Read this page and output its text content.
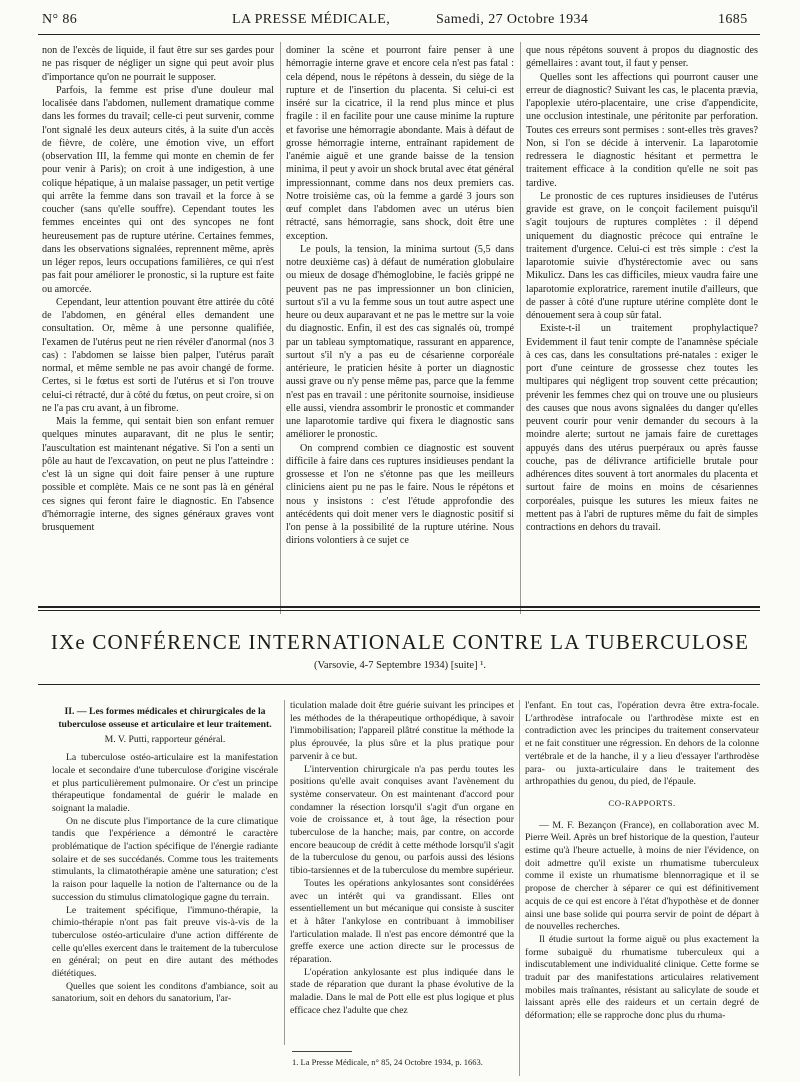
N° 86	LA PRESSE MÉDICALE,	Samedi, 27 Octobre 1934	1685

non de l'excès de liquide, il faut être sur ses gardes pour ne pas risquer de négliger un signe qui peut avoir plus d'importance qu'on ne pourrait le supposer.

Parfois, la femme est prise d'une douleur mal localisée dans l'abdomen, nullement dramatique comme dans les formes du travail; celle-ci peut survenir, comme l'ont signalé les deux auteurs cités, à la suite d'un accès de fièvre, de colère, une émotion vive, un effort (observation III, la femme qui monte en chemin de fer pour venir à Paris); on croit à une indigestion, à une colique hépatique, à un malaise passager, un petit vertige qui arrête la femme dans son travail et la force à se coucher (sans qu'elle souffre). Cependant toutes les femmes enceintes qui ont des syncopes ne font heureusement pas de rupture utérine. Certaines femmes, dans les observations signalées, reprennent même, après un léger repos, leurs occupations familières, ce qui n'est pas fait pour améliorer le pronostic, si la rupture est faite ou amorcée.

Cependant, leur attention pouvant être attirée du côté de l'abdomen, en général elles demandent une consultation. Or, même à une personne qualifiée, l'examen de l'utérus peut ne rien révéler d'anormal (nos 3 cas) : l'abdomen se laisse bien palper, l'utérus paraît normal, et même semble ne pas avoir changé de forme. Certes, si le fœtus est sorti de l'utérus et si l'on trouve celui-ci rétracté, dur à côté du fœtus, on peut croire, si on ne l'a pas cru avant, à un fibrome.

Mais la femme, qui sentait bien son enfant remuer quelques minutes auparavant, dit ne plus le sentir; l'auscultation est maintenant négative. Si l'on a senti un pôle au haut de l'excavation, on peut ne plus l'atteindre : c'est là un signe qui doit faire penser à une rupture possible et complète. Mais ce ne sont pas là en général ces signes qui feront faire le diagnostic. En l'absence d'hémorragie interne, des signes généraux graves vont brusquement

dominer la scène et pourront faire penser à une hémorragie interne grave et encore cela n'est pas fatal : cela dépend, nous le répétons à dessein, du siège de la rupture et de l'insertion du placenta. Si celui-ci est inséré sur la cicatrice, il la rend plus mince et plus fragile : il en facilite pour une cause minime la rupture et favorise une hémorragie abondante. Mais à défaut de grosse hémorragie interne, entraînant rapidement de l'anémie aiguë et une grande baisse de la tension minima, il peut y avoir un shock brutal avec état général impressionnant, comme dans nos deux premiers cas. Notre troisième cas, où la femme a gardé 3 jours son œuf complet dans l'abdomen avec un utérus bien rétracté, sans hémorragie, sans shock, doit être une exception.

Le pouls, la tension, la minima surtout (5,5 dans notre deuxième cas) à défaut de numération globulaire ou mieux de dosage d'hémoglobine, le faciès grippé ne peuvent pas ne pas impressionner un bon clinicien, surtout s'il a vu la femme sous un tout autre aspect une heure ou deux auparavant et ne pas le mettre sur la voie du diagnostic. Enfin, il est des cas signalés où, trompé par un tableau symptomatique, rassurant en apparence, surtout s'il n'y a pas eu de césarienne corporéale antérieure, le praticien hésite à porter un diagnostic aussi grave ou n'y pense même pas, parce que la femme n'est pas en travail : une péritonite sournoise, insidieuse elle aussi, viendra assombrir le pronostic et commander une laparotomie tardive qui fixera le diagnostic sans améliorer le pronostic.

On comprend combien ce diagnostic est souvent difficile à faire dans ces ruptures insidieuses pendant la grossesse et l'on ne s'étonne pas que les meilleurs cliniciens aient pu ne pas le faire. Nous le répétons et nous y insistons : c'est l'étude approfondie des antécédents qui doit mener vers le diagnostic positif si l'on pense à la possibilité de la rupture utérine. Nous dirions volontiers à ce sujet ce

que nous répétons souvent à propos du diagnostic des gémellaires : avant tout, il faut y penser.

Quelles sont les affections qui pourront causer une erreur de diagnostic? Suivant les cas, le placenta prævia, l'apoplexie utéro-placentaire, une crise d'appendicite, une occlusion intestinale, une péritonite par perforation. Toutes ces erreurs sont permises : sont-elles très graves? Non, si l'on se décide à intervenir. La laparotomie redressera le diagnostic hésitant et permettra le traitement efficace à la condition qu'elle ne soit pas tardive.

Le pronostic de ces ruptures insidieuses de l'utérus gravide est grave, on le conçoit facilement puisqu'il s'agit toujours de ruptures complètes : il dépend uniquement du diagnostic précoce qui entraîne le traitement d'urgence. Celui-ci est très simple : c'est la laparotomie suivie d'hystérectomie avec ou sans Mikulicz. Dans les cas difficiles, mieux vaudra faire une laparotomie exploratrice, rarement inutile d'ailleurs, que de passer à côté d'une rupture utérine complète dont le dénouement sera à coup sûr fatal.

Existe-t-il un traitement prophylactique? Evidemment il faut tenir compte de l'anamnèse spéciale à ces cas, dans les consultations pré-natales : exiger le port d'une ceinture de grossesse chez toutes les multipares qui négligent trop souvent cette précaution; prévenir les femmes chez qui on trouve une ou plusieurs des causes que nous avons signalées du danger qu'elles peuvent courir pour venir demander du secours à la moindre alerte; surtout ne jamais faire de curettages appuyés dans des utérus puerpéraux ou après fausse couche, pas de délivrance artificielle brutale pour adhérences dites souvent à tort anormales du placenta et surtout faire de moins en moins de césariennes corporéales, puisque les sutures les mieux faites ne mettent pas à l'abri de ruptures même du fait de simples contractions en dehors du travail.

IXe CONFÉRENCE INTERNATIONALE CONTRE LA TUBERCULOSE
(Varsovie, 4-7 Septembre 1934) [suite] ¹.

II. — Les formes médicales et chirurgicales de la tuberculose osseuse et articulaire et leur traitement.

M. V. Putti, rapporteur général.

La tuberculose ostéo-articulaire est la manifestation locale et secondaire d'une tuberculose d'origine viscérale et plus particulièrement pulmonaire. Or c'est un principe thérapeutique fondamental de guérir le malade en soignant la maladie.

On ne discute plus l'importance de la cure climatique tandis que l'expérience a démontré le caractère problématique de l'action spécifique de l'énergie radiante solaire et de ses succédanés. Comme tous les traitements stimulants, la climatothérapie amène une saturation; c'est la raison pour laquelle la notion de l'alternance ou de la succession du stimulus climatologique gagne du terrain.

Le traitement spécifique, l'immuno-thérapie, la chimio-thérapie n'ont pas fait preuve vis-à-vis de la tuberculose ostéo-articulaire d'une action différente de celle qu'elles exercent dans le traitement de la tuberculose en général; on peut en dire autant des méthodes diététiques.

Quelles que soient les conditons d'ambiance, soit au sanatorium, soit en dehors du sanatorium, l'ar-

ticulation malade doit être guérie suivant les principes et les méthodes de la thérapeutique orthopédique, à savoir l'immobilisation; l'appareil plâtré constitue la méthode la plus éprouvée, la plus sûre et la plus pratique pour parvenir à ce but.

L'intervention chirurgicale n'a pas perdu toutes les positions qu'elle avait conquises avant l'avènement du système conservateur. On est maintenant d'accord pour condamner la résection lorsqu'il s'agit d'un organe en voie de croissance et, à tout âge, la résection pour tuberculose de la hanche; mais, par contre, on accorde encore beaucoup de crédit à cette méthode lorsqu'il s'agit de la tuberculose du genou, ou parfois aussi des lésions tibio-tarsiennes et de la tuberculose du membre supérieur.

Toutes les opérations ankylosantes sont considérées avec un intérêt qui va grandissant. Elles ont essentiellement un but mécanique qui consiste à susciter et à hâter l'ankylose en contribuant à immobiliser l'articulation malade. Il n'est pas encore démontré que la greffe exerce une action directe sur le processus de réparation.

L'opération ankylosante est plus indiquée dans le stade de réparation que durant la phase évolutive de la maladie. Dans le mal de Pott elle est plus logique et plus efficace chez l'adulte que chez

l'enfant. En tout cas, l'opération devra être extra-focale. L'arthrodèse intrafocale ou l'arthrodèse mixte est en contradiction avec les principes du traitement conservateur et ne fait constituer une régression. En dehors de la colonne vertébrale et de la hanche, il y a lieu d'essayer l'arthrodèse para- ou juxta-articulaire dans le traitement des arthropathies du genou, du pied, de l'épaule.

CO-RAPPORTS.

— M. F. Bezançon (France), en collaboration avec M. Pierre Weil. Après un bref historique de la question, l'auteur estime qu'à l'heure actuelle, à moins de nier l'évidence, on doit admettre qu'il existe un rhumatisme tuberculeux comme il existe un rhumatisme blennorragique et il se propose de chercher à séparer ce qui est définitivement acquis de ce qui est encore à l'état d'hypothèse et de donner ainsi une base solide qui pourra servir de point de départ à de nouvelles recherches.

Il étudie surtout la forme aiguë ou plus exactement la forme subaiguë du rhumatisme tuberculeux qui a indiscutablement une individualité clinique. Cette forme se traduit par des manifestations articulaires relativement mobiles mais traînantes, résistant au salicylate de soude et laissant après elle des raideurs et un certain degré de déformation; elle se rapproche donc plus du rhuma-

1. La Presse Médicale, n° 85, 24 Octobre 1934, p. 1663.
